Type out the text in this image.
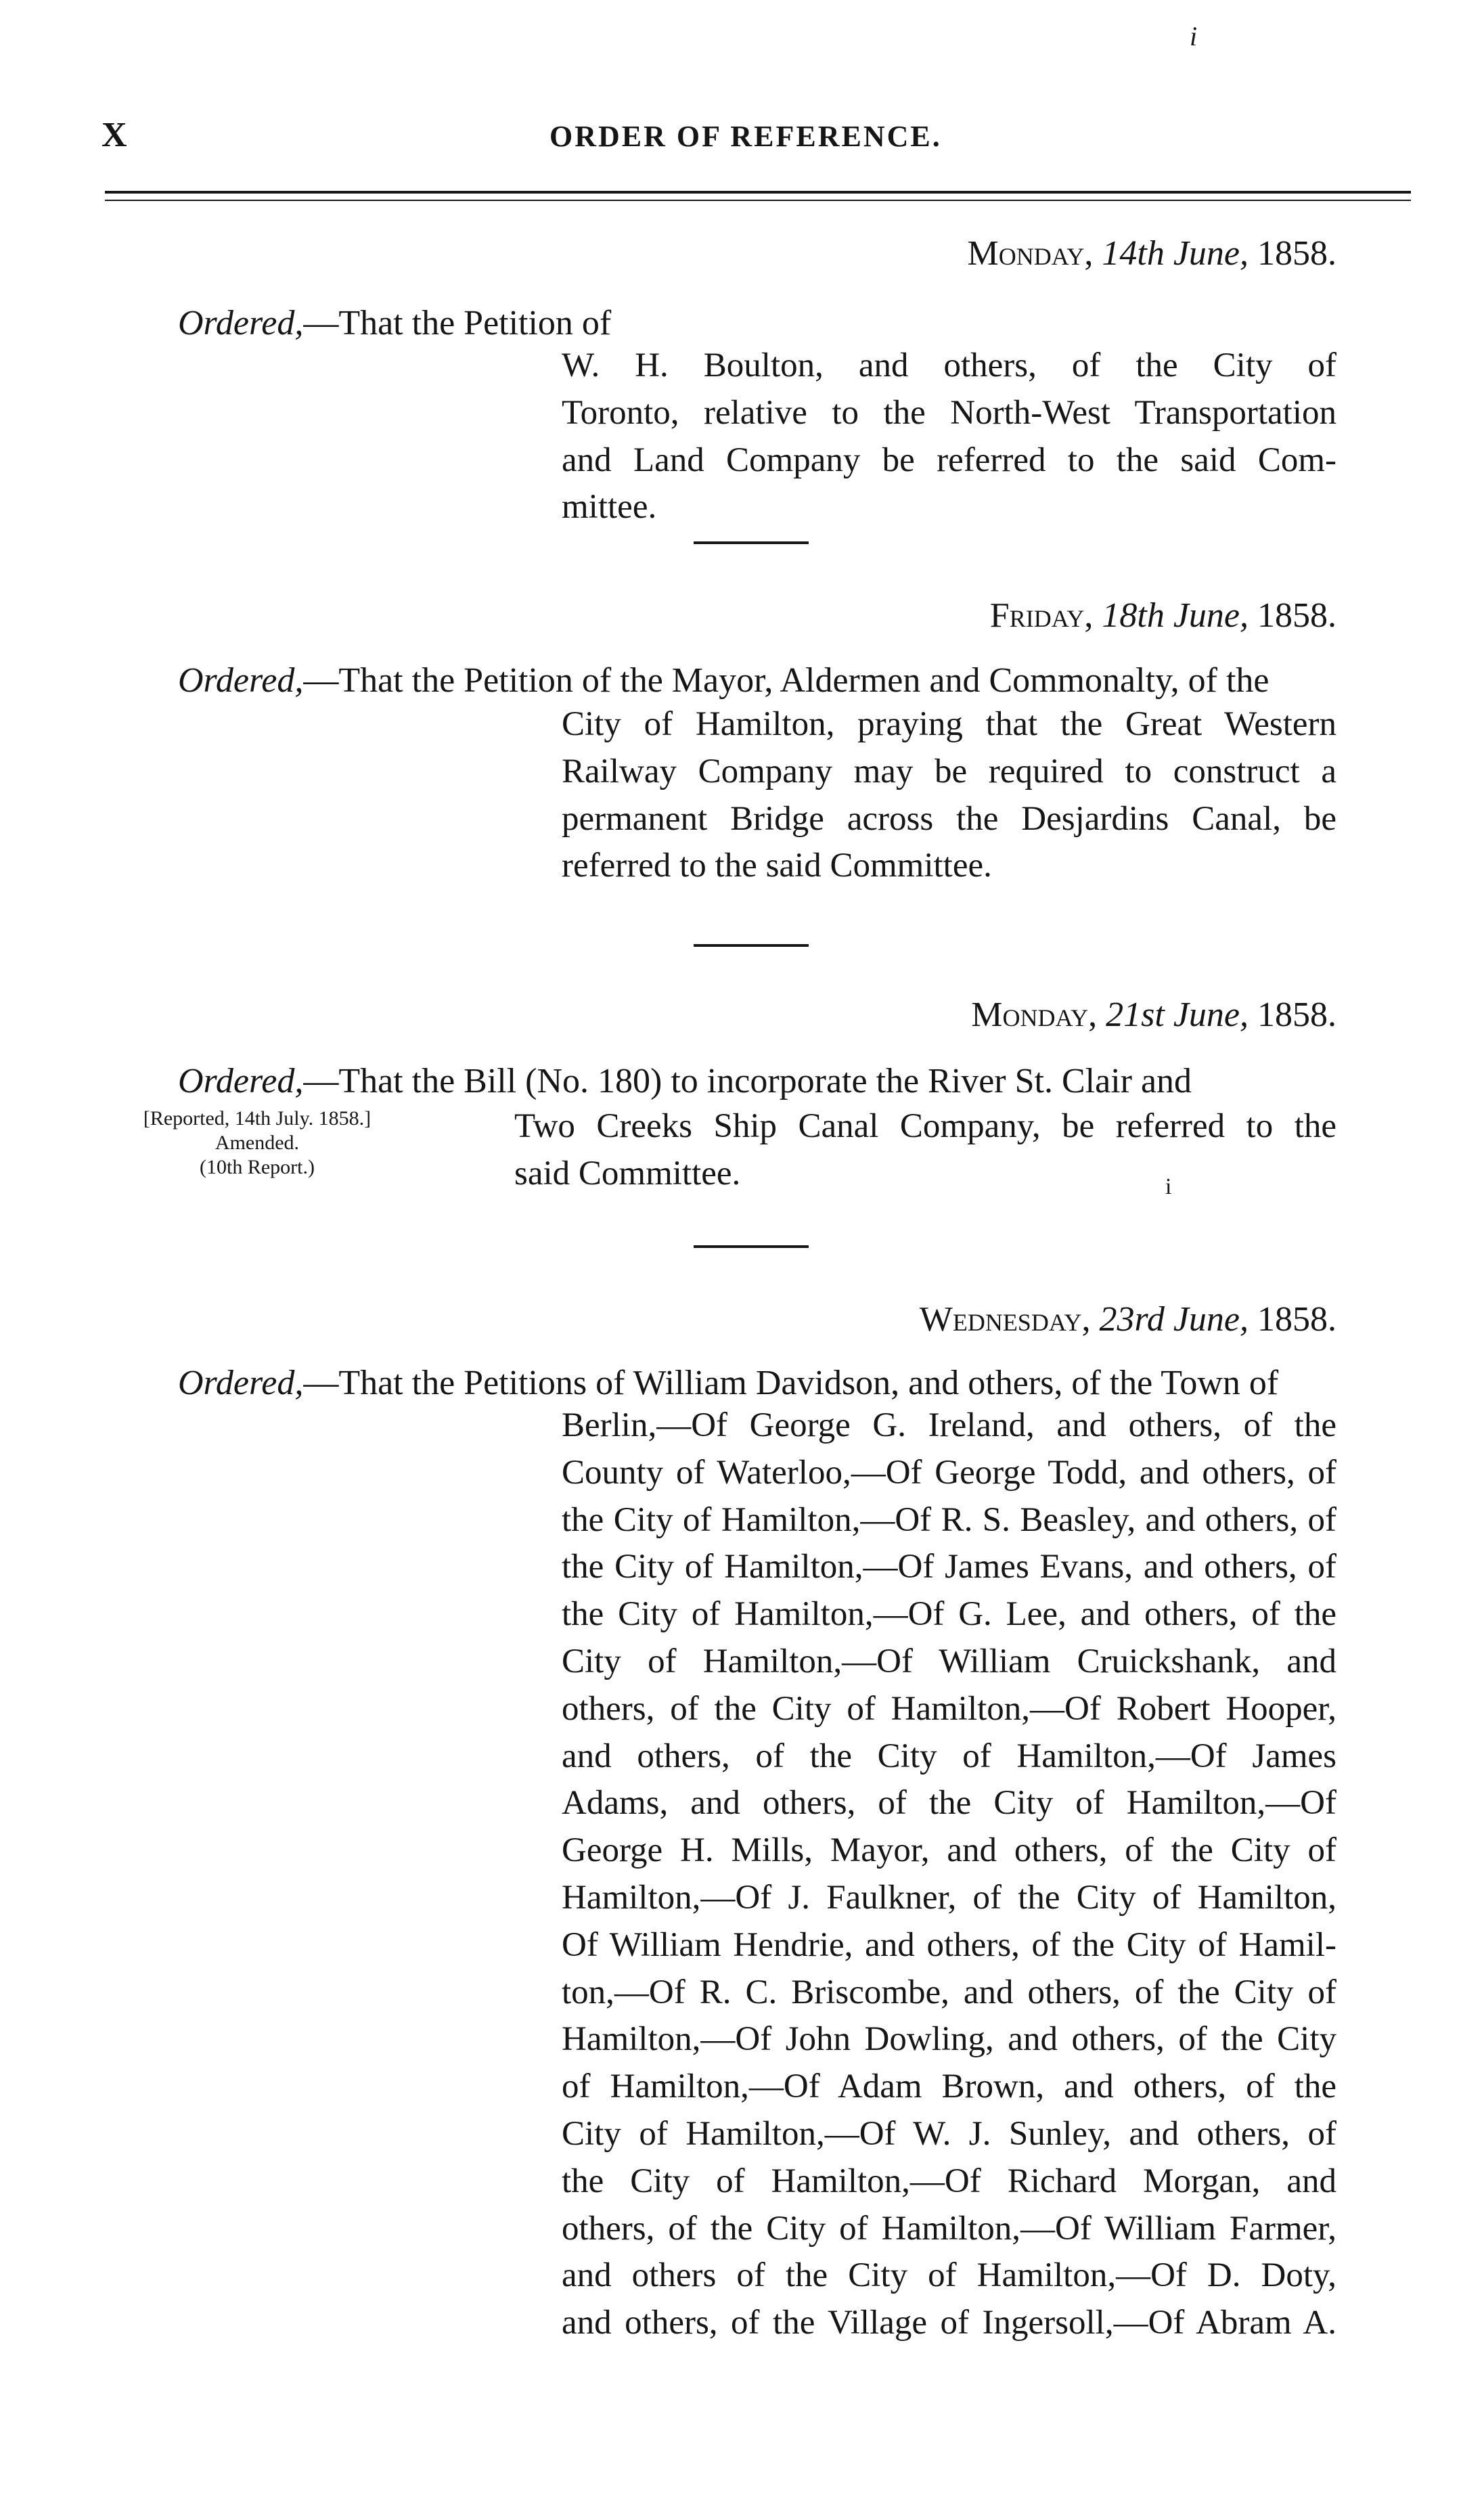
i
X	ORDER OF REFERENCE.
Monday, 14th June, 1858.
Ordered,—That the Petition of
W. H. Boulton, and others, of the City of
Toronto, relative to the North-West Transportation
and Land Company be referred to the said Com-
mittee.
Friday, 18th June, 1858.
Ordered,—That the Petition of the Mayor, Aldermen and Commonalty, of the
City of Hamilton, praying that the Great Western
Railway Company may be required to construct a
permanent Bridge across the Desjardins Canal, be
referred to the said Committee.
Monday, 21st June, 1858.
Ordered,—That the Bill (No. 180) to incorporate the River St. Clair and
[Reported, 14th July. 1858.]
Amended.
(10th Report.)
Two Creeks Ship Canal Company, be referred to the
said Committee.	i
Wednesday, 23rd June, 1858.
Ordered,—That the Petitions of William Davidson, and others, of the Town of
Berlin,—Of George G. Ireland, and others, of the
County of Waterloo,—Of George Todd, and others, of
the City of Hamilton,—Of R. S. Beasley, and others, of
the City of Hamilton,—Of James Evans, and others, of
the City of Hamilton,—Of G. Lee, and others, of the
City of Hamilton,—Of William Cruickshank, and
others, of the City of Hamilton,—Of Robert Hooper,
and others, of the City of Hamilton,—Of James
Adams, and others, of the City of Hamilton,—Of
George H. Mills, Mayor, and others, of the City of
Hamilton,—Of J. Faulkner, of the City of Hamilton,
Of William Hendrie, and others, of the City of Hamil-
ton,—Of R. C. Briscombe, and others, of the City of
Hamilton,—Of John Dowling, and others, of the City
of Hamilton,—Of Adam Brown, and others, of the
City of Hamilton,—Of W. J. Sunley, and others, of
the City of Hamilton,—Of Richard Morgan, and
others, of the City of Hamilton,—Of William Farmer,
and others of the City of Hamilton,—Of D. Doty,
and others, of the Village of Ingersoll,—Of Abram A.
